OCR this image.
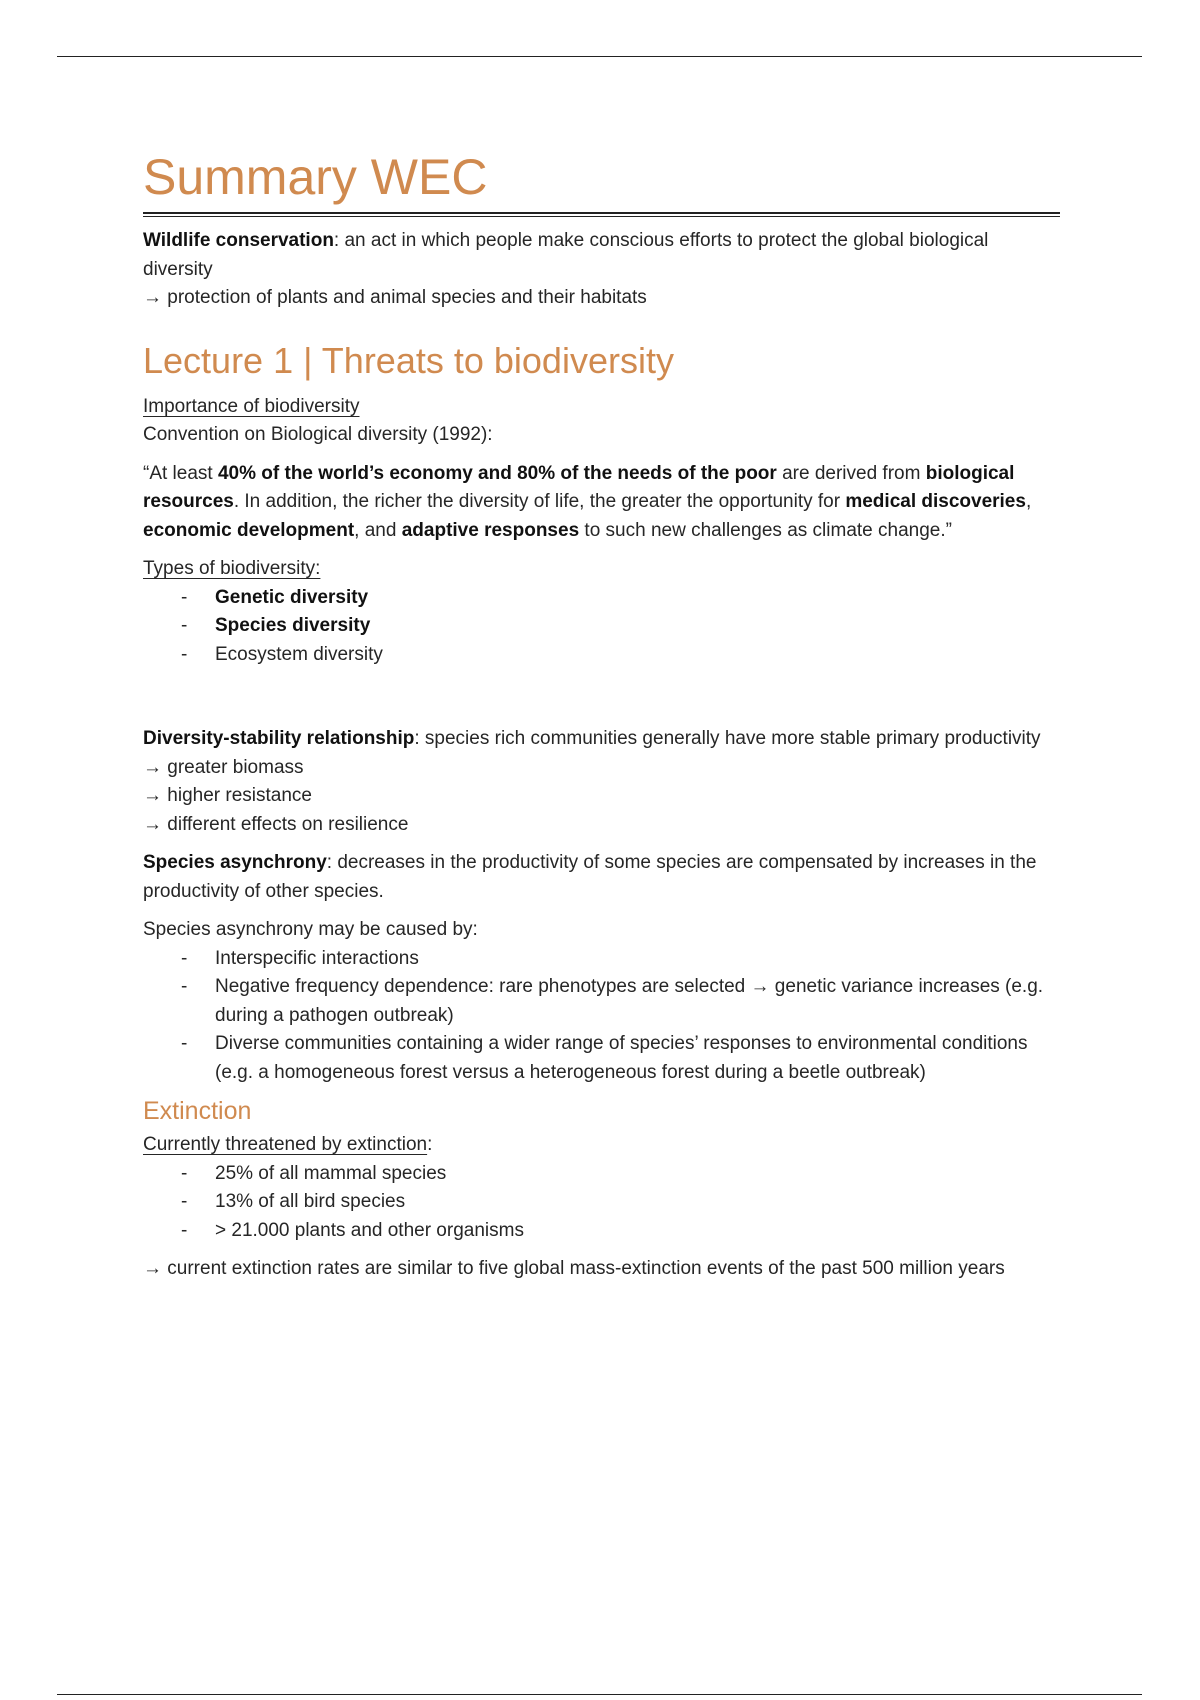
Summary WEC

Wildlife conservation: an act in which people make conscious efforts to protect the global biological diversity

→ protection of plants and animal species and their habitats

Lecture 1 | Threats to biodiversity

Importance of biodiversity

Convention on Biological diversity (1992):

“At least 40% of the world’s economy and 80% of the needs of the poor are derived from biological resources. In addition, the richer the diversity of life, the greater the opportunity for medical discoveries, economic development, and adaptive responses to such new challenges as climate change.”

Types of biodiversity:

- Genetic diversity
- Species diversity
- Ecosystem diversity

Diversity-stability relationship: species rich communities generally have more stable primary productivity

→ greater biomass

→ higher resistance

→ different effects on resilience

Species asynchrony: decreases in the productivity of some species are compensated by increases in the productivity of other species.

Species asynchrony may be caused by:

- Interspecific interactions
- Negative frequency dependence: rare phenotypes are selected → genetic variance increases (e.g. during a pathogen outbreak)
- Diverse communities containing a wider range of species’ responses to environmental conditions (e.g. a homogeneous forest versus a heterogeneous forest during a beetle outbreak)
Extinction

Currently threatened by extinction:

- 25% of all mammal species
- 13% of all bird species
- > 21.000 plants and other organisms

→ current extinction rates are similar to five global mass-extinction events of the past 500 million years
